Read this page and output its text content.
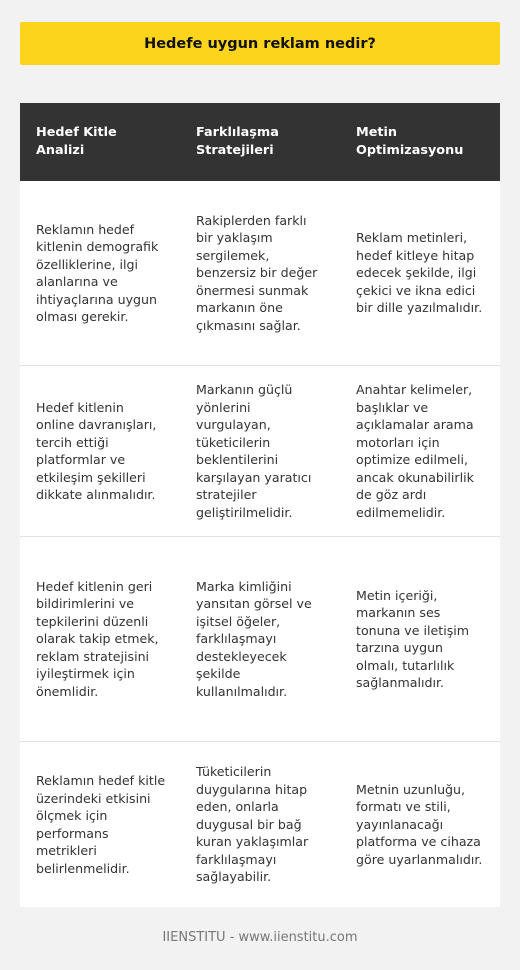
Hedefe uygun reklam nedir?
Hedef Kitle Analizi
Farklılaşma Stratejileri
Metin Optimizasyonu
Reklamın hedef kitlenin demografik özelliklerine, ilgi alanlarına ve ihtiyaçlarına uygun olması gerekir.
Rakiplerden farklı bir yaklaşım sergilemek, benzersiz bir değer önermesi sunmak markanın öne çıkmasını sağlar.
Reklam metinleri, hedef kitleye hitap edecek şekilde, ilgi çekici ve ikna edici bir dille yazılmalıdır.
Hedef kitlenin online davranışları, tercih ettiği platformlar ve etkileşim şekilleri dikkate alınmalıdır.
Markanın güçlü yönlerini vurgulayan, tüketicilerin beklentilerini karşılayan yaratıcı stratejiler geliştirilmelidir.
Anahtar kelimeler, başlıklar ve açıklamalar arama motorları için optimize edilmeli, ancak okunabilirlik de göz ardı edilmemelidir.
Hedef kitlenin geri bildirimlerini ve tepkilerini düzenli olarak takip etmek, reklam stratejisini iyileştirmek için önemlidir.
Marka kimliğini yansıtan görsel ve işitsel öğeler, farklılaşmayı destekleyecek şekilde kullanılmalıdır.
Metin içeriği, markanın ses tonuna ve iletişim tarzına uygun olmalı, tutarlılık sağlanmalıdır.
Reklamın hedef kitle üzerindeki etkisini ölçmek için performans metrikleri belirlenmelidir.
Tüketicilerin duygularına hitap eden, onlarla duygusal bir bağ kuran yaklaşımlar farklılaşmayı sağlayabilir.
Metnin uzunluğu, formatı ve stili, yayınlanacağı platforma ve cihaza göre uyarlanmalıdır.
IIENSTITU - www.iienstitu.com
